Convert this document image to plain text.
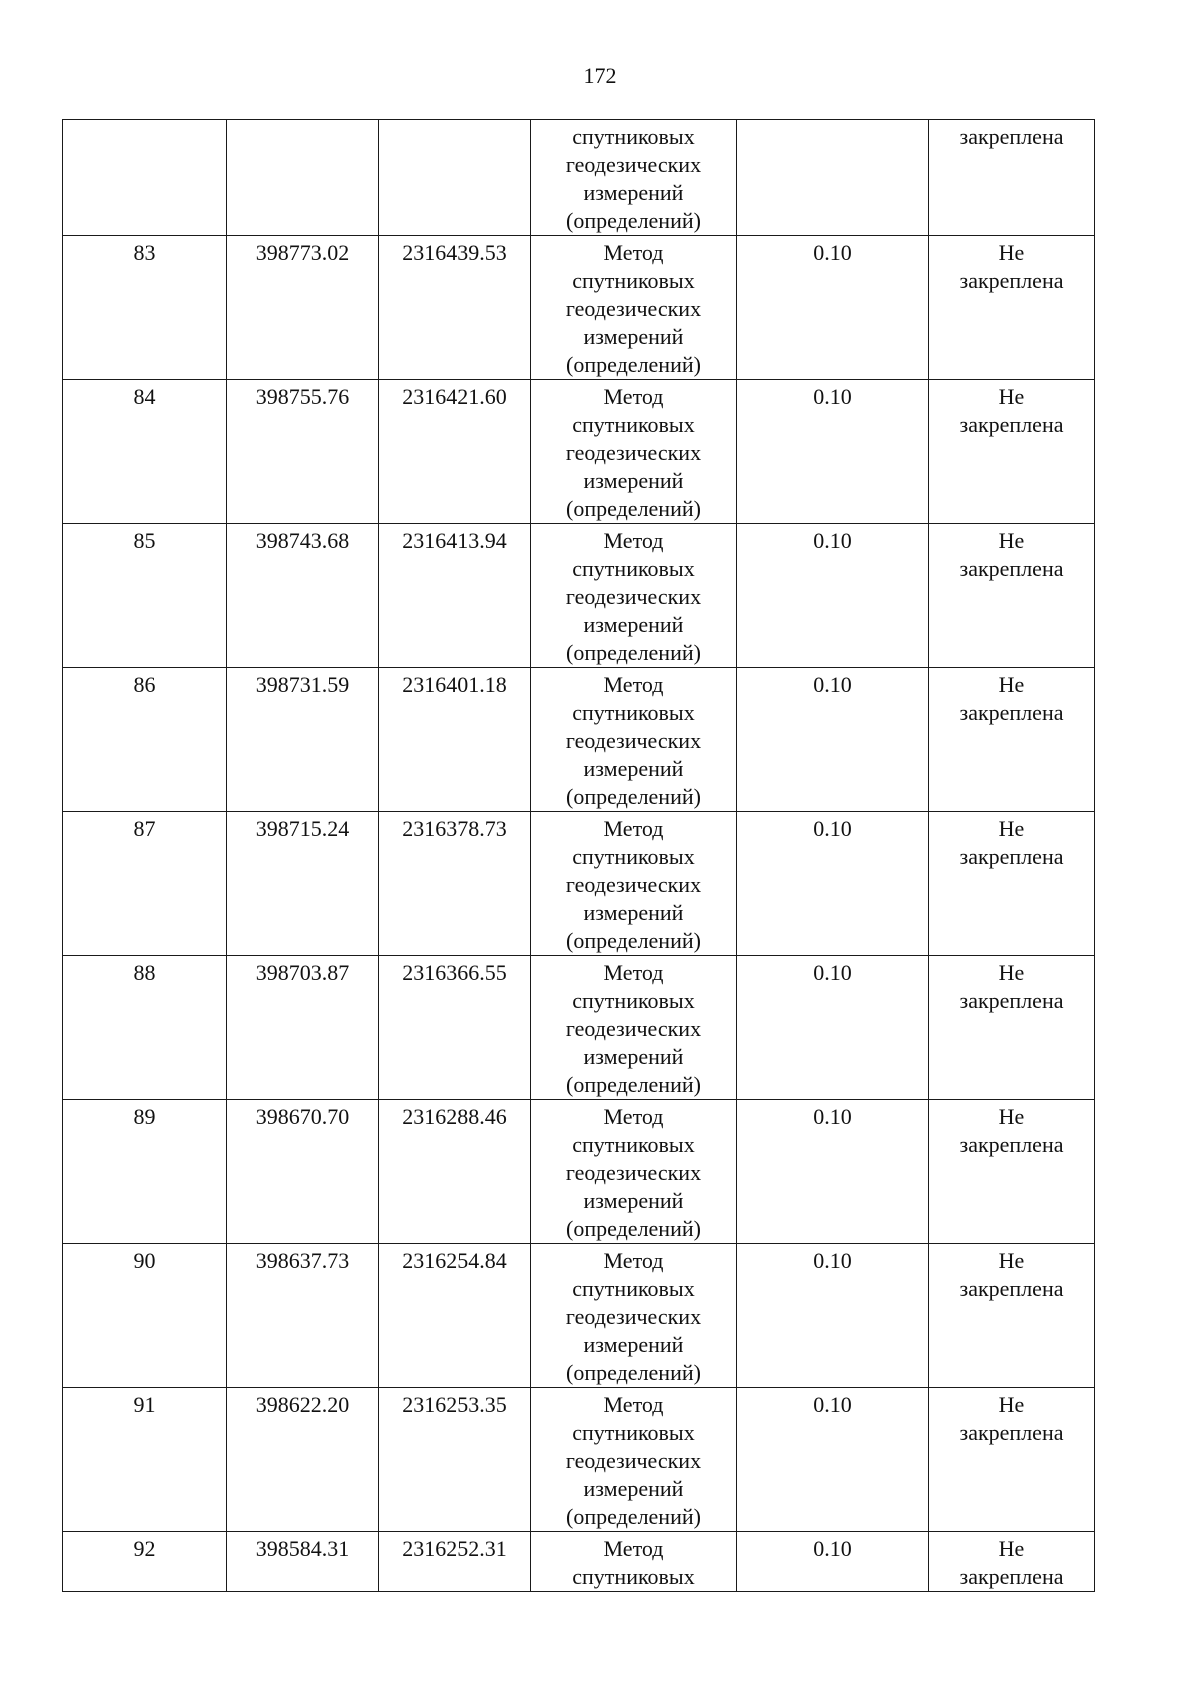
172

			спутниковых
геодезических
измерений
(определений)		закреплена

83	398773.02	2316439.53	Метод
спутниковых
геодезических
измерений
(определений)	0.10	Не
закреплена

84	398755.76	2316421.60	Метод
спутниковых
геодезических
измерений
(определений)	0.10	Не
закреплена

85	398743.68	2316413.94	Метод
спутниковых
геодезических
измерений
(определений)	0.10	Не
закреплена

86	398731.59	2316401.18	Метод
спутниковых
геодезических
измерений
(определений)	0.10	Не
закреплена

87	398715.24	2316378.73	Метод
спутниковых
геодезических
измерений
(определений)	0.10	Не
закреплена

88	398703.87	2316366.55	Метод
спутниковых
геодезических
измерений
(определений)	0.10	Не
закреплена

89	398670.70	2316288.46	Метод
спутниковых
геодезических
измерений
(определений)	0.10	Не
закреплена

90	398637.73	2316254.84	Метод
спутниковых
геодезических
измерений
(определений)	0.10	Не
закреплена

91	398622.20	2316253.35	Метод
спутниковых
геодезических
измерений
(определений)	0.10	Не
закреплена

92	398584.31	2316252.31	Метод
спутниковых	0.10	Не
закреплена
